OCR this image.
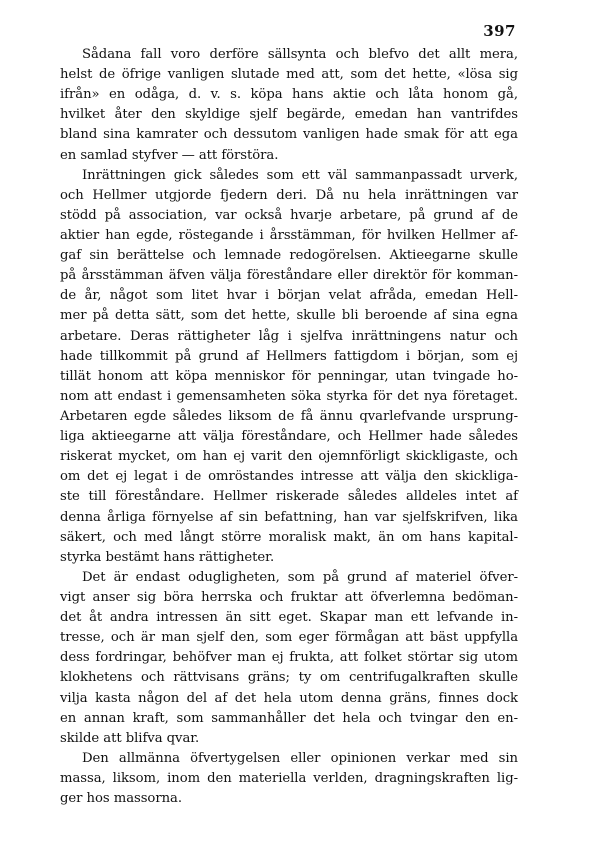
397
Sådana fall voro derföre sällsynta och blefvo det allt mera,
helst de öfrige vanligen slutade med att, som det hette, «lösa sig
ifrån» en odåga, d. v. s. köpa hans aktie och låta honom gå,
hvilket åter den skyldige sjelf begärde, emedan han vantrifdes
bland sina kamrater och dessutom vanligen hade smak för att ega
en samlad styfver — att förstöra.
Inrättningen gick således som ett väl sammanpassadt urverk,
och Hellmer utgjorde fjedern deri. Då nu hela inrättningen var
stödd på association, var också hvarje arbetare, på grund af de
aktier han egde, röstegande i årsstämman, för hvilken Hellmer af-
gaf sin berättelse och lemnade redogörelsen. Aktieegarne skulle
på årsstämman äfven välja föreståndare eller direktör för komman-
de år, något som litet hvar i början velat afråda, emedan Hell-
mer på detta sätt, som det hette, skulle bli beroende af sina egna
arbetare. Deras rättigheter låg i sjelfva inrättningens natur och
hade tillkommit på grund af Hellmers fattigdom i början, som ej
tillät honom att köpa menniskor för penningar, utan tvingade ho-
nom att endast i gemensamheten söka styrka för det nya företaget.
Arbetaren egde således liksom de få ännu qvarlefvande ursprung-
liga aktieegarne att välja föreståndare, och Hellmer hade således
riskerat mycket, om han ej varit den ojemnförligt skickligaste, och
om det ej legat i de omröstandes intresse att välja den skickliga-
ste till föreståndare. Hellmer riskerade således alldeles intet af
denna årliga förnyelse af sin befattning, han var sjelfskrifven, lika
säkert, och med långt större moralisk makt, än om hans kapital-
styrka bestämt hans rättigheter.
Det är endast odugligheten, som på grund af materiel öfver-
vigt anser sig böra herrska och fruktar att öfverlemna bedöman-
det åt andra intressen än sitt eget. Skapar man ett lefvande in-
tresse, och är man sjelf den, som eger förmågan att bäst uppfylla
dess fordringar, behöfver man ej frukta, att folket störtar sig utom
klokhetens och rättvisans gräns; ty om centrifugalkraften skulle
vilja kasta någon del af det hela utom denna gräns, finnes dock
en annan kraft, som sammanhåller det hela och tvingar den en-
skilde att blifva qvar.
Den allmänna öfvertygelsen eller opinionen verkar med sin
massa, liksom, inom den materiella verlden, dragningskraften lig-
ger hos massorna.
